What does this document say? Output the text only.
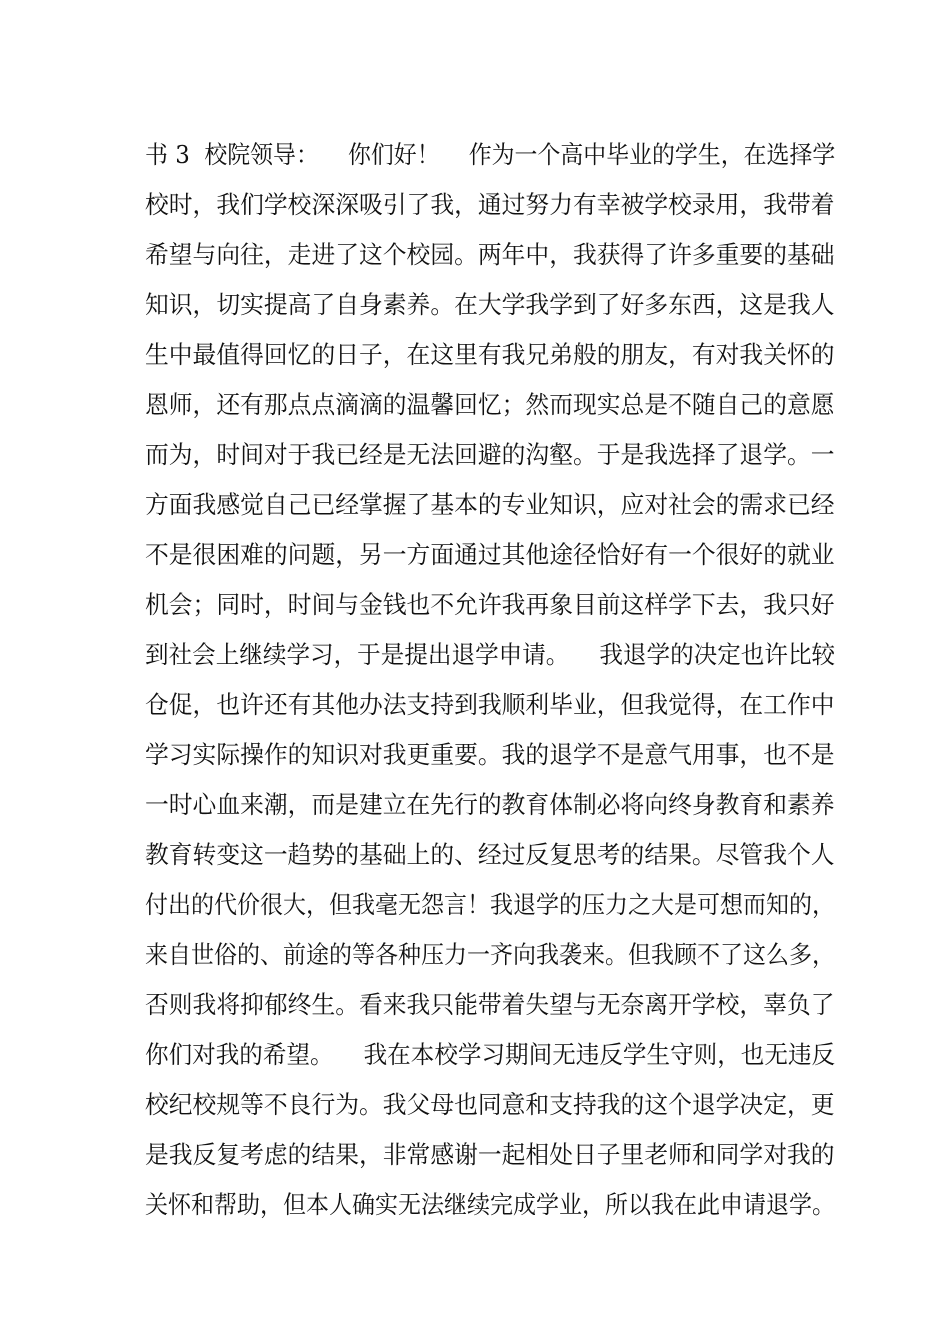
书 3  校院领导：    你们好！    作为一个高中毕业的学生，在选择学
校时，我们学校深深吸引了我，通过努力有幸被学校录用，我带着
希望与向往，走进了这个校园。两年中，我获得了许多重要的基础
知识，切实提高了自身素养。在大学我学到了好多东西，这是我人
生中最值得回忆的日子，在这里有我兄弟般的朋友，有对我关怀的
恩师，还有那点点滴滴的温馨回忆；然而现实总是不随自己的意愿
而为，时间对于我已经是无法回避的沟壑。于是我选择了退学。一
方面我感觉自己已经掌握了基本的专业知识，应对社会的需求已经
不是很困难的问题，另一方面通过其他途径恰好有一个很好的就业
机会；同时，时间与金钱也不允许我再象目前这样学下去，我只好
到社会上继续学习，于是提出退学申请。    我退学的决定也许比较
仓促，也许还有其他办法支持到我顺利毕业，但我觉得，在工作中
学习实际操作的知识对我更重要。我的退学不是意气用事，也不是
一时心血来潮，而是建立在先行的教育体制必将向终身教育和素养
教育转变这一趋势的基础上的、经过反复思考的结果。尽管我个人
付出的代价很大，但我毫无怨言！我退学的压力之大是可想而知的，
来自世俗的、前途的等各种压力一齐向我袭来。但我顾不了这么多，
否则我将抑郁终生。看来我只能带着失望与无奈离开学校，辜负了
你们对我的希望。    我在本校学习期间无违反学生守则，也无违反
校纪校规等不良行为。我父母也同意和支持我的这个退学决定，更
是我反复考虑的结果，非常感谢一起相处日子里老师和同学对我的
关怀和帮助，但本人确实无法继续完成学业，所以我在此申请退学。
